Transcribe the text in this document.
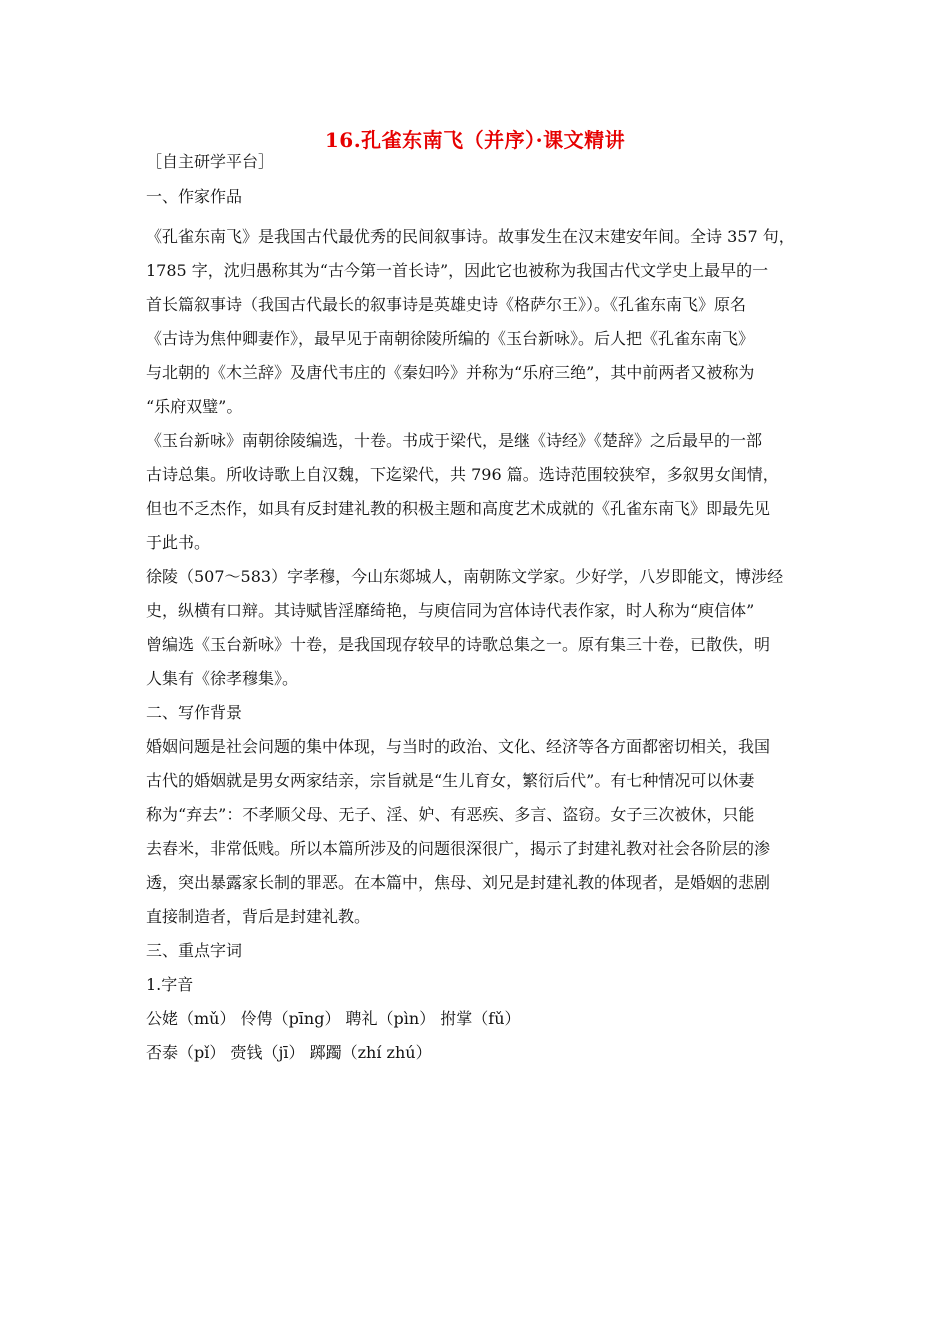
16.孔雀东南飞（并序）·课文精讲
［自主研学平台］
一、作家作品
《孔雀东南飞》是我国古代最优秀的民间叙事诗。故事发生在汉末建安年间。全诗 357 句，
1785 字，沈归愚称其为“古今第一首长诗”，因此它也被称为我国古代文学史上最早的一
首长篇叙事诗（我国古代最长的叙事诗是英雄史诗《格萨尔王》）。《孔雀东南飞》原名
《古诗为焦仲卿妻作》，最早见于南朝徐陵所编的《玉台新咏》。后人把《孔雀东南飞》
与北朝的《木兰辞》及唐代韦庄的《秦妇吟》并称为“乐府三绝”，其中前两者又被称为
“乐府双璧”。
《玉台新咏》南朝徐陵编选，十卷。书成于梁代，是继《诗经》《楚辞》之后最早的一部
古诗总集。所收诗歌上自汉魏，下迄梁代，共 796 篇。选诗范围较狭窄，多叙男女闺情，
但也不乏杰作，如具有反封建礼教的积极主题和高度艺术成就的《孔雀东南飞》即最先见
于此书。
徐陵（507～583）字孝穆，今山东郯城人，南朝陈文学家。少好学，八岁即能文，博涉经
史，纵横有口辩。其诗赋皆淫靡绮艳，与庾信同为宫体诗代表作家，时人称为“庾信体”
曾编选《玉台新咏》十卷，是我国现存较早的诗歌总集之一。原有集三十卷，已散佚，明
人集有《徐孝穆集》。
二、写作背景
婚姻问题是社会问题的集中体现，与当时的政治、文化、经济等各方面都密切相关，我国
古代的婚姻就是男女两家结亲，宗旨就是“生儿育女，繁衍后代”。有七种情况可以休妻
称为“弃去”：不孝顺父母、无子、淫、妒、有恶疾、多言、盗窃。女子三次被休，只能
去舂米，非常低贱。所以本篇所涉及的问题很深很广，揭示了封建礼教对社会各阶层的渗
透，突出暴露家长制的罪恶。在本篇中，焦母、刘兄是封建礼教的体现者，是婚姻的悲剧
直接制造者，背后是封建礼教。
三、重点字词
1.字音
公姥（mǔ） 伶俜（pīng） 聘礼（pìn） 拊掌（fǔ）
否泰（pǐ） 赍钱（jī） 踯躅（zhí zhú）
